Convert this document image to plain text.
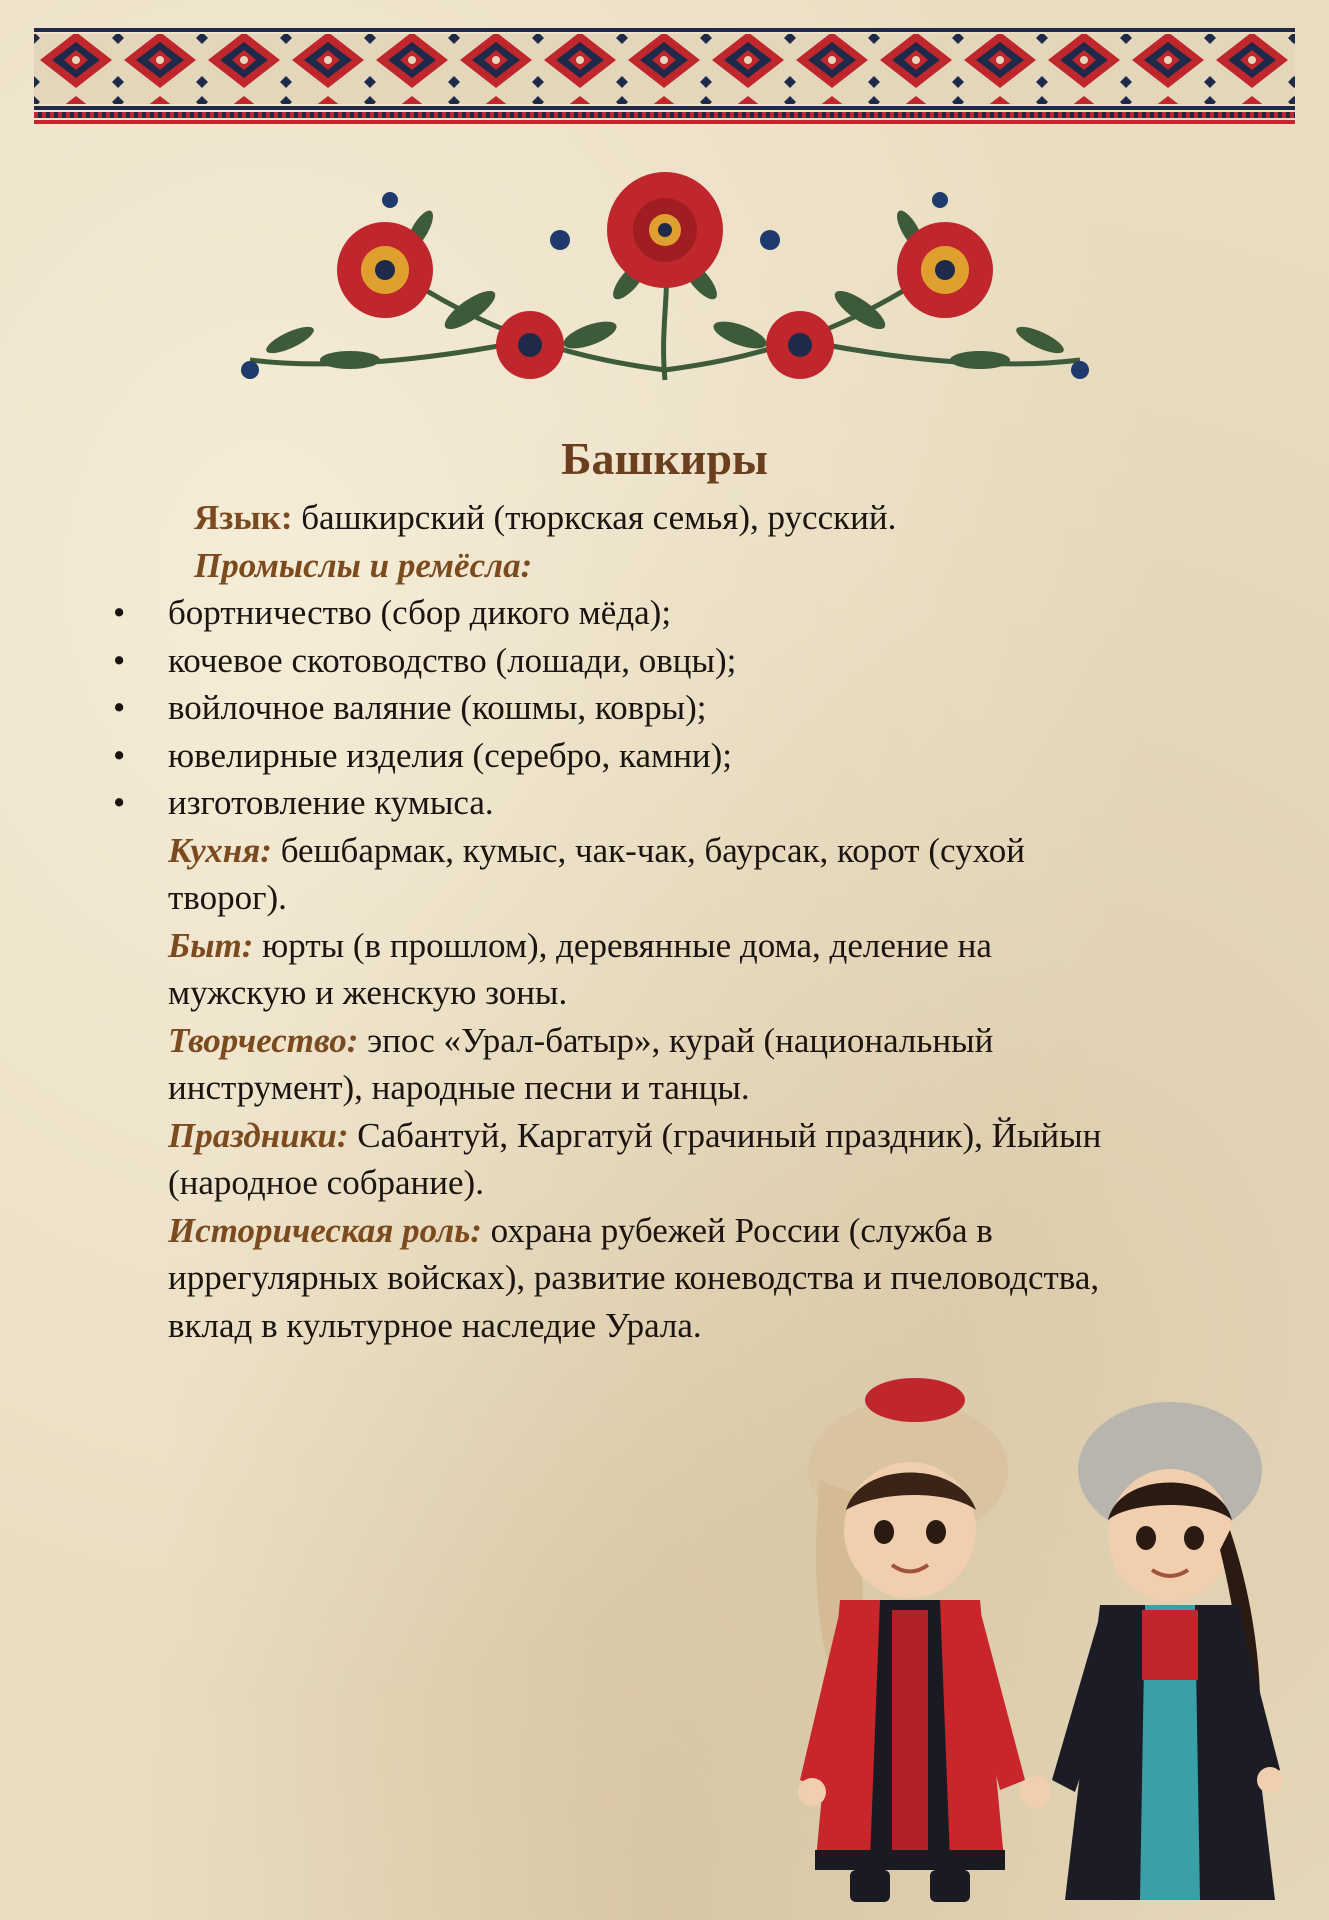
Башкиры

Язык: башкирский (тюркская семья), русский.

Промыслы и ремёсла:

• бортничество (сбор дикого мёда);
• кочевое скотоводство (лошади, овцы);
• войлочное валяние (кошмы, ковры);
• ювелирные изделия (серебро, камни);
• изготовление кумыса.

Кухня: бешбармак, кумыс, чак-чак, баурсак, корот (сухой

творог).

Быт: юрты (в прошлом), деревянные дома, деление на

мужскую и женскую зоны.

Творчество: эпос «Урал-батыр», курай (национальный

инструмент), народные песни и танцы.

Праздники: Сабантуй, Каргатуй (грачиный праздник), Йыйын

(народное собрание).

Историческая роль: охрана рубежей России (служба в

иррегулярных войсках), развитие коневодства и пчеловодства,

вклад в культурное наследие Урала.
